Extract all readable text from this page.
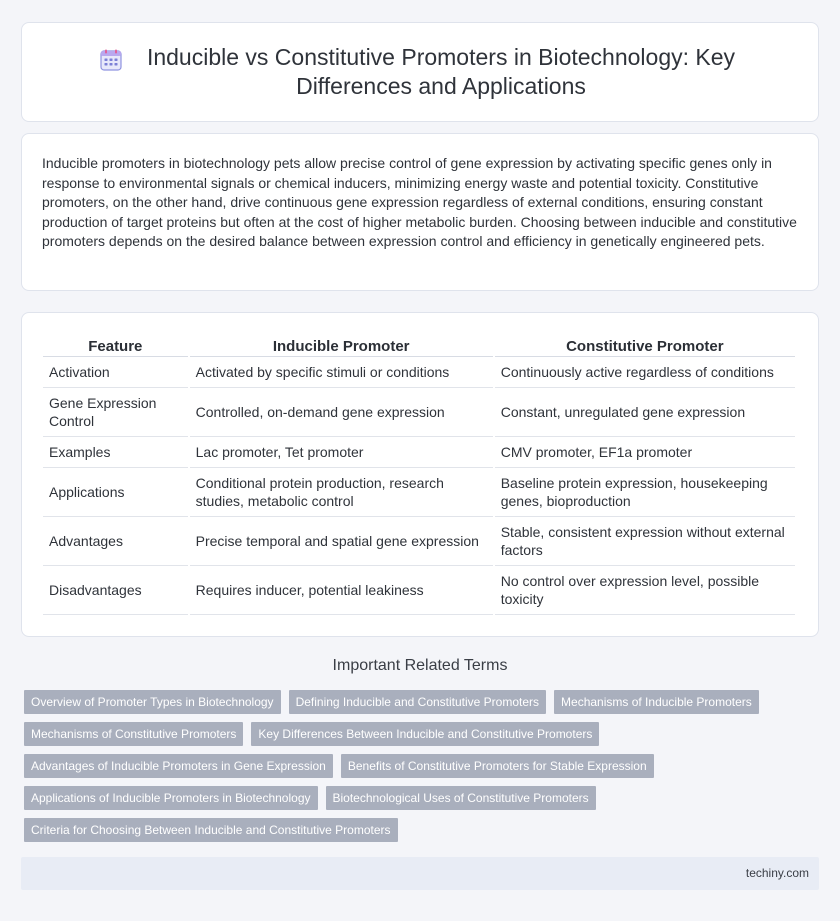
Inducible vs Constitutive Promoters in Biotechnology: Key Differences and Applications

Inducible promoters in biotechnology pets allow precise control of gene expression by activating specific genes only in response to environmental signals or chemical inducers, minimizing energy waste and potential toxicity. Constitutive promoters, on the other hand, drive continuous gene expression regardless of external conditions, ensuring constant production of target proteins but often at the cost of higher metabolic burden. Choosing between inducible and constitutive promoters depends on the desired balance between expression control and efficiency in genetically engineered pets.

Feature	Inducible Promoter	Constitutive Promoter
Activation	Activated by specific stimuli or conditions	Continuously active regardless of conditions
Gene Expression Control	Controlled, on-demand gene expression	Constant, unregulated gene expression
Examples	Lac promoter, Tet promoter	CMV promoter, EF1a promoter
Applications	Conditional protein production, research studies, metabolic control	Baseline protein expression, housekeeping genes, bioproduction
Advantages	Precise temporal and spatial gene expression	Stable, consistent expression without external factors
Disadvantages	Requires inducer, potential leakiness	No control over expression level, possible toxicity
Important Related Terms
Overview of Promoter Types in Biotechnology	Defining Inducible and Constitutive Promoters	Mechanisms of Inducible Promoters
Mechanisms of Constitutive Promoters	Key Differences Between Inducible and Constitutive Promoters
Advantages of Inducible Promoters in Gene Expression	Benefits of Constitutive Promoters for Stable Expression
Applications of Inducible Promoters in Biotechnology	Biotechnological Uses of Constitutive Promoters
Criteria for Choosing Between Inducible and Constitutive Promoters
techiny.com
